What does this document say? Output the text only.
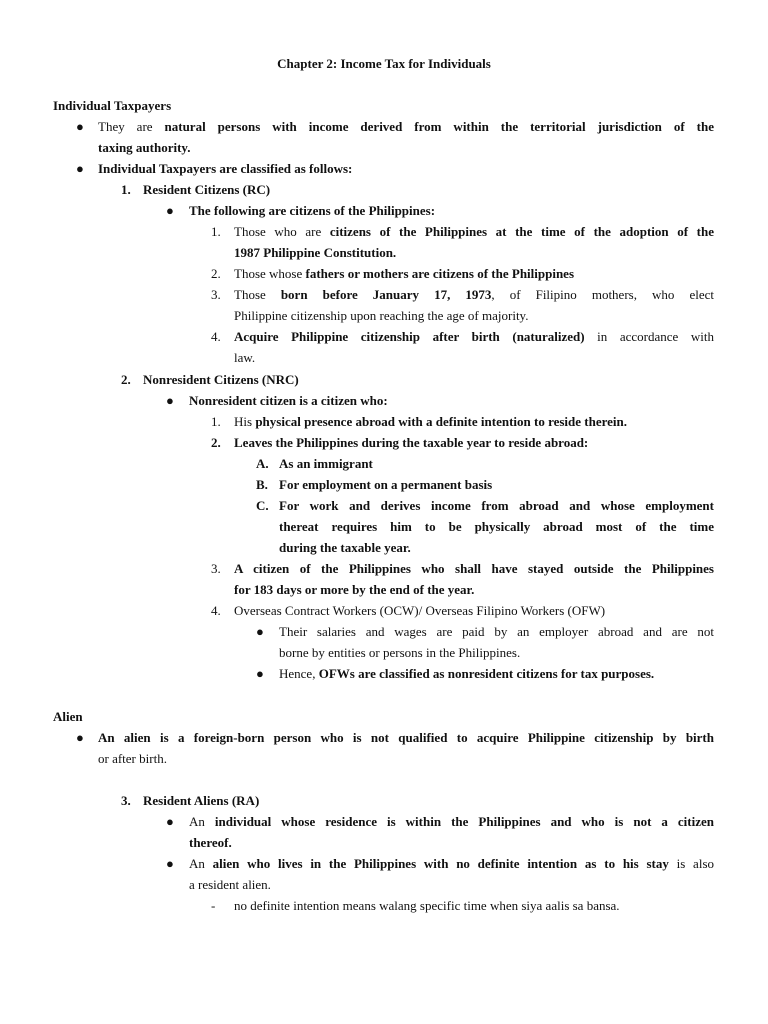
Chapter 2: Income Tax for Individuals
Individual Taxpayers
● They are natural persons with income derived from within the territorial jurisdiction of the
taxing authority.
● Individual Taxpayers are classified as follows:
1. Resident Citizens (RC)
● The following are citizens of the Philippines:
1. Those who are citizens of the Philippines at the time of the adoption of the
1987 Philippine Constitution.
2. Those whose fathers or mothers are citizens of the Philippines
3. Those born before January 17, 1973, of Filipino mothers, who elect
Philippine citizenship upon reaching the age of majority.
4. Acquire Philippine citizenship after birth (naturalized) in accordance with
law.
2. Nonresident Citizens (NRC)
● Nonresident citizen is a citizen who:
1. His physical presence abroad with a definite intention to reside therein.
2. Leaves the Philippines during the taxable year to reside abroad:
A. As an immigrant
B. For employment on a permanent basis
C. For work and derives income from abroad and whose employment
thereat requires him to be physically abroad most of the time
during the taxable year.
3. A citizen of the Philippines who shall have stayed outside the Philippines
for 183 days or more by the end of the year.
4. Overseas Contract Workers (OCW)/ Overseas Filipino Workers (OFW)
● Their salaries and wages are paid by an employer abroad and are not
borne by entities or persons in the Philippines.
● Hence, OFWs are classified as nonresident citizens for tax purposes.
Alien
● An alien is a foreign-born person who is not qualified to acquire Philippine citizenship by birth
or after birth.
3. Resident Aliens (RA)
● An individual whose residence is within the Philippines and who is not a citizen
thereof.
● An alien who lives in the Philippines with no definite intention as to his stay is also
a resident alien.
- no definite intention means walang specific time when siya aalis sa bansa.
